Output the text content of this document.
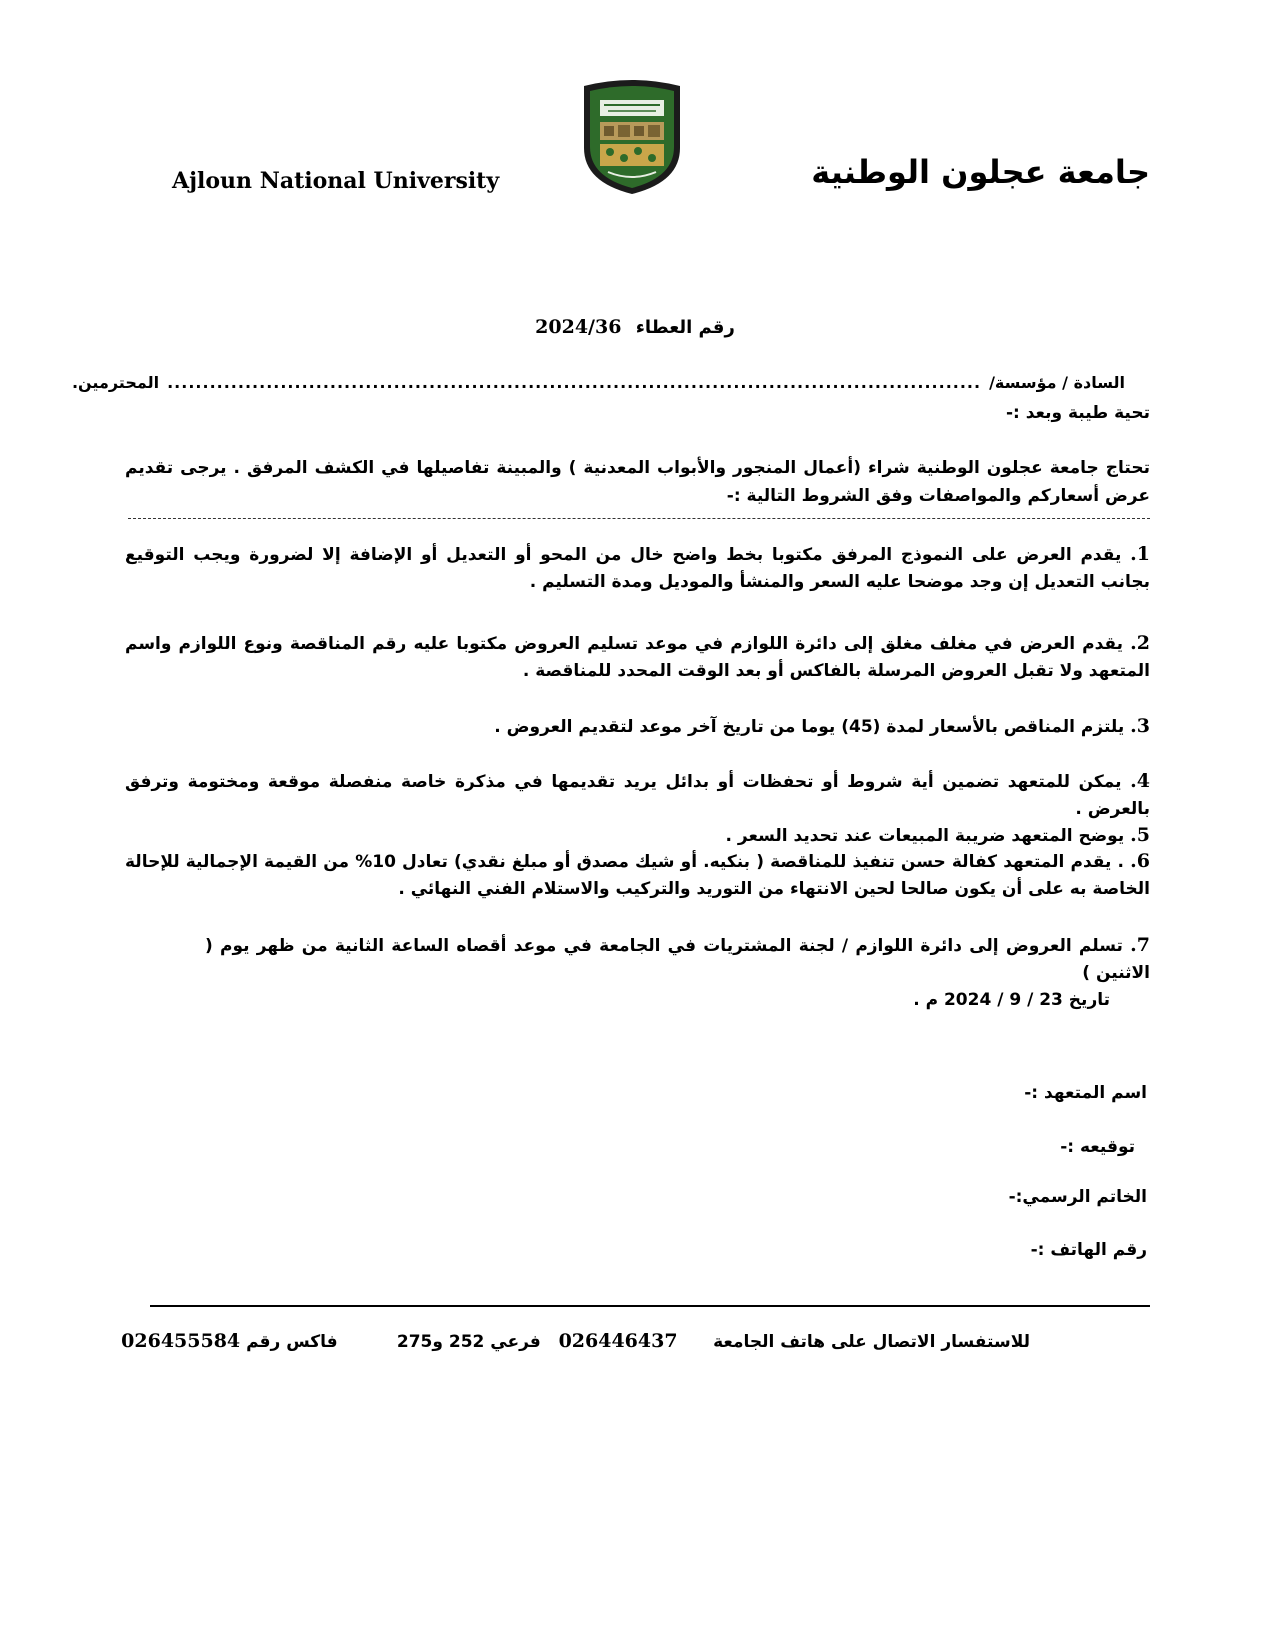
Ajloun National University	جامعة عجلون الوطنية
رقم العطاء 2024/36
السادة / مؤسسة/
...................................................................................................................
المحترمين.
تحية طيبة وبعد :-
تحتاج جامعة عجلون الوطنية شراء (أعمال المنجور والأبواب المعدنية ) والمبينة تفاصيلها في الكشف المرفق . يرجى تقديم عرض أسعاركم والمواصفات وفق الشروط التالية :-
1. يقدم العرض على النموذج المرفق مكتوبا بخط واضح خال من المحو أو التعديل أو الإضافة إلا لضرورة ويجب التوقيع بجانب التعديل إن وجد موضحا عليه السعر والمنشأ والموديل ومدة التسليم .
2. يقدم العرض في مغلف مغلق إلى دائرة اللوازم في موعد تسليم العروض مكتوبا عليه رقم المناقصة ونوع اللوازم واسم المتعهد ولا تقبل العروض المرسلة بالفاكس أو بعد الوقت المحدد للمناقصة .
3. يلتزم المناقص بالأسعار لمدة (45) يوما من تاريخ آخر موعد لتقديم العروض .
4. يمكن للمتعهد تضمين أية شروط أو تحفظات أو بدائل يريد تقديمها في مذكرة خاصة منفصلة موقعة ومختومة وترفق بالعرض .
5. يوضح المتعهد ضريبة المبيعات عند تحديد السعر .
6. . يقدم المتعهد كفالة حسن تنفيذ للمناقصة ( بنكيه. أو شيك مصدق أو مبلغ نقدي) تعادل 10% من القيمة الإجمالية للإحالة الخاصة به على أن يكون صالحا لحين الانتهاء من التوريد والتركيب والاستلام الفني النهائي .
7. تسلم العروض إلى دائرة اللوازم / لجنة المشتريات في الجامعة في موعد أقصاه الساعة الثانية من ظهر يوم ( الاثنين )
تاريخ 23 / 9 / 2024 م .
اسم المتعهد :-
توقيعه :-
الخاتم الرسمي:-
رقم الهاتف :-
للاستفسار الاتصال على هاتف الجامعة      026446437   فرعي 252 و275          فاكس رقم 026455584
